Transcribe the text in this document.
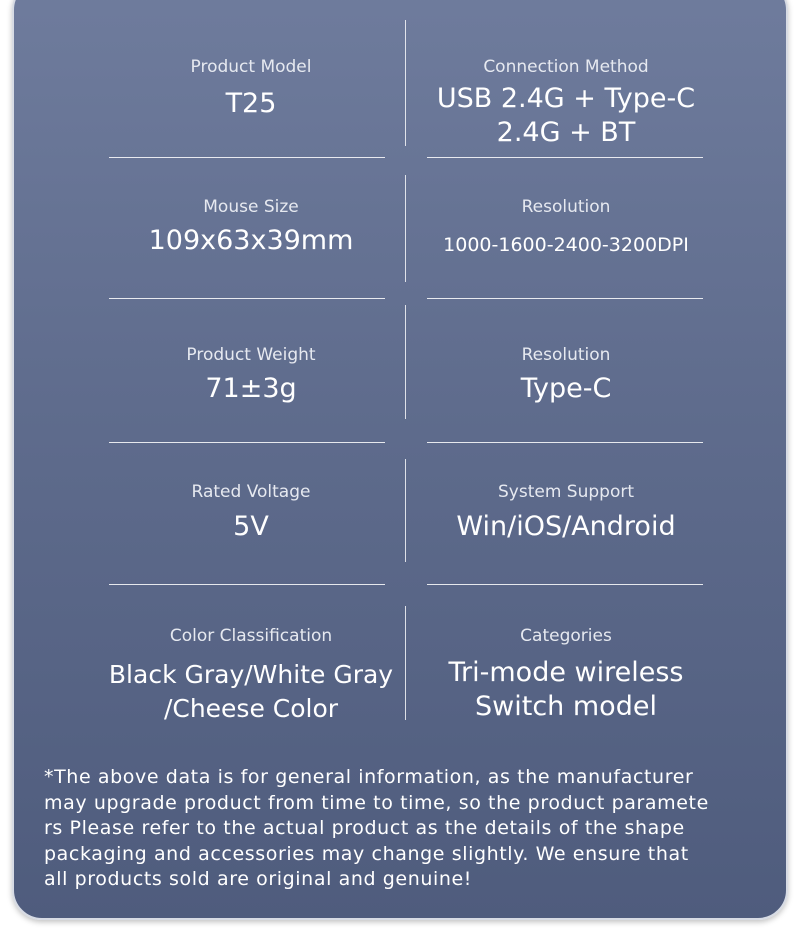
Product Model

T25

Connection Method

USB 2.4G + Type-C

2.4G + BT

Mouse Size

109x63x39mm

Resolution

1000-1600-2400-3200DPI

Product Weight

71±3g

Resolution

Type-C

Rated Voltage

5V

System Support

Win/iOS/Android

Color Classification

Black Gray/White Gray

/Cheese Color

Categories

Tri-mode wireless

Switch model

*The above data is for general information, as the manufacturer
may upgrade product from time to time, so the product paramete
rs Please refer to the actual product as the details of the shape
packaging and accessories may change slightly. We ensure that
all products sold are original and genuine!
